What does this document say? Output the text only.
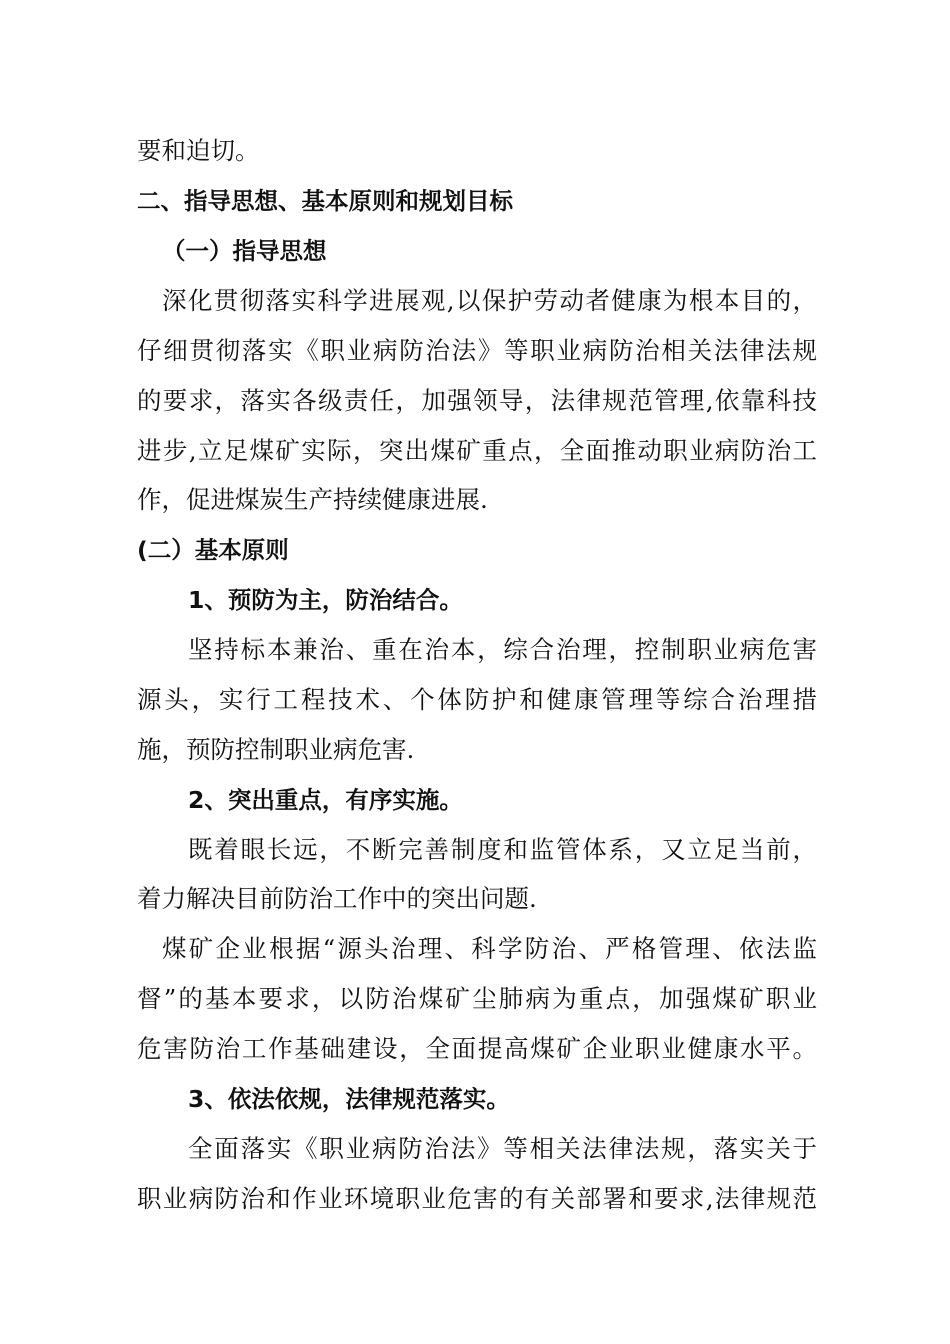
要和迫切。
二、指导思想、基本原则和规划目标
（一）指导思想
深化贯彻落实科学进展观,以保护劳动者健康为根本目的，
仔细贯彻落实《职业病防治法》等职业病防治相关法律法规
的要求，落实各级责任，加强领导，法律规范管理,依靠科技
进步,立足煤矿实际，突出煤矿重点，全面推动职业病防治工
作，促进煤炭生产持续健康进展.
(二）基本原则
1、预防为主，防治结合。
坚持标本兼治、重在治本，综合治理，控制职业病危害
源头，实行工程技术、个体防护和健康管理等综合治理措
施，预防控制职业病危害.
2、突出重点，有序实施。
既着眼长远，不断完善制度和监管体系，又立足当前，
着力解决目前防治工作中的突出问题.
煤矿企业根据“源头治理、科学防治、严格管理、依法监
督”的基本要求，以防治煤矿尘肺病为重点，加强煤矿职业
危害防治工作基础建设，全面提高煤矿企业职业健康水平。
3、依法依规，法律规范落实。
全面落实《职业病防治法》等相关法律法规，落实关于
职业病防治和作业环境职业危害的有关部署和要求,法律规范
